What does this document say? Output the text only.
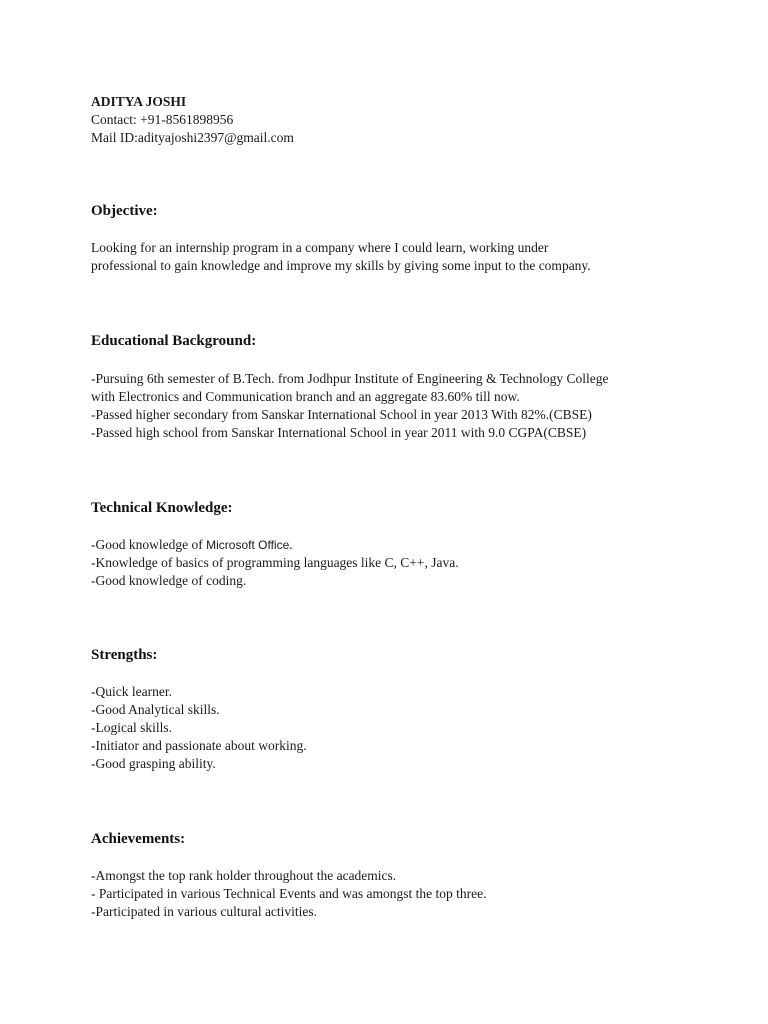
ADITYA JOSHI

Contact: +91-8561898956

Mail ID:adityajoshi2397@gmail.com

Objective:

Looking for an internship program in a company where I could learn, working under

professional to gain knowledge and improve my skills by giving some input to the company.

Educational Background:

-Pursuing 6th semester of B.Tech. from Jodhpur Institute of Engineering & Technology College

with Electronics and Communication branch and an aggregate 83.60% till now.

-Passed higher secondary from Sanskar International School in year 2013 With 82%.(CBSE)

-Passed high school from Sanskar International School in year 2011 with 9.0 CGPA(CBSE)

Technical Knowledge:

-Good knowledge of Microsoft Office.

-Knowledge of basics of programming languages like C, C++, Java.

-Good knowledge of coding.

Strengths:

-Quick learner.

-Good Analytical skills.

-Logical skills.

-Initiator and passionate about working.

-Good grasping ability.

Achievements:

-Amongst the top rank holder throughout the academics.

- Participated in various Technical Events and was amongst the top three.

-Participated in various cultural activities.
